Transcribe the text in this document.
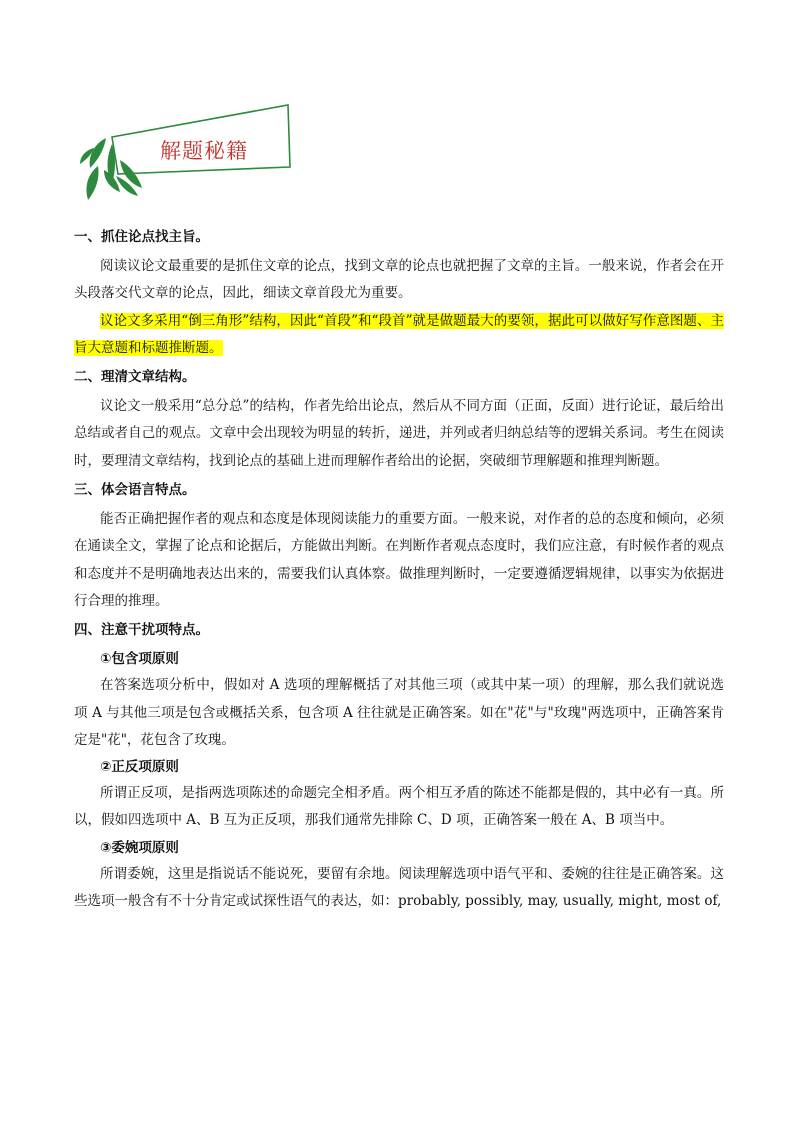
解题秘籍

一、抓住论点找主旨。

阅读议论文最重要的是抓住文章的论点，找到文章的论点也就把握了文章的主旨。一般来说，作者会在开头段落交代文章的论点，因此，细读文章首段尤为重要。

议论文多采用“倒三角形”结构，因此“首段”和“段首”就是做题最大的要领，据此可以做好写作意图题、主旨大意题和标题推断题。

二、理清文章结构。

议论文一般采用“总分总”的结构，作者先给出论点，然后从不同方面（正面，反面）进行论证，最后给出总结或者自己的观点。文章中会出现较为明显的转折，递进，并列或者归纳总结等的逻辑关系词。考生在阅读时，要理清文章结构，找到论点的基础上进而理解作者给出的论据，突破细节理解题和推理判断题。

三、体会语言特点。

能否正确把握作者的观点和态度是体现阅读能力的重要方面。一般来说，对作者的总的态度和倾向，必须在通读全文，掌握了论点和论据后，方能做出判断。在判断作者观点态度时，我们应注意，有时候作者的观点和态度并不是明确地表达出来的，需要我们认真体察。做推理判断时，一定要遵循逻辑规律，以事实为依据进行合理的推理。

四、注意干扰项特点。

①包含项原则

在答案选项分析中，假如对 A 选项的理解概括了对其他三项（或其中某一项）的理解，那么我们就说选项 A 与其他三项是包含或概括关系，包含项 A 往往就是正确答案。如在"花"与"玫瑰"两选项中，正确答案肯定是"花"，花包含了玫瑰。

②正反项原则

所谓正反项，是指两选项陈述的命题完全相矛盾。两个相互矛盾的陈述不能都是假的，其中必有一真。所以，假如四选项中 A、B 互为正反项，那我们通常先排除 C、D 项，正确答案一般在 A、B 项当中。

③委婉项原则

所谓委婉，这里是指说话不能说死，要留有余地。阅读理解选项中语气平和、委婉的往往是正确答案。这些选项一般含有不十分肯定或试探性语气的表达，如：probably, possibly, may, usually, might, most of,
